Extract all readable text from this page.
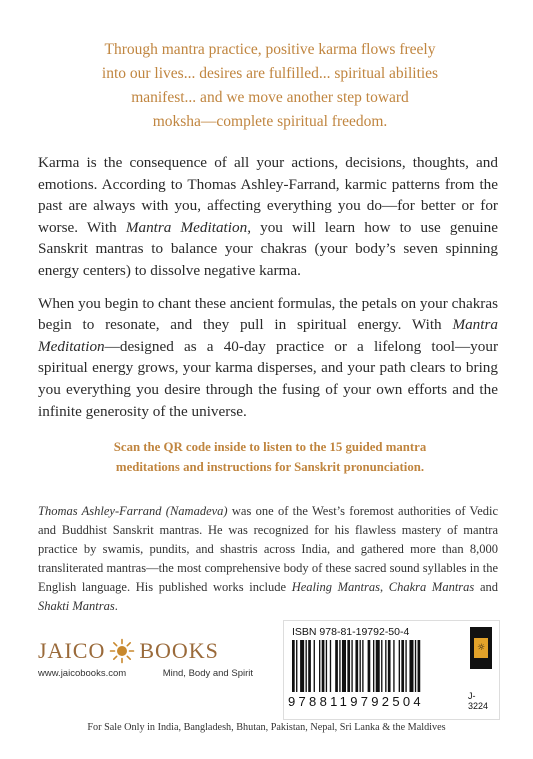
Through mantra practice, positive karma flows freely
into our lives... desires are fulfilled... spiritual abilities
manifest... and we move another step toward
moksha—complete spiritual freedom.

Karma is the consequence of all your actions, decisions, thoughts, and emotions. According to Thomas Ashley-Farrand, karmic patterns from the past are always with you, affecting everything you do—for better or for worse. With Mantra Meditation, you will learn how to use genuine Sanskrit mantras to balance your chakras (your body’s seven spinning energy centers) to dissolve negative karma.

When you begin to chant these ancient formulas, the petals on your chakras begin to resonate, and they pull in spiritual energy. With Mantra Meditation—designed as a 40-day practice or a lifelong tool—your spiritual energy grows, your karma disperses, and your path clears to bring you everything you desire through the fusing of your own efforts and the infinite generosity of the universe.

Scan the QR code inside to listen to the 15 guided mantra
meditations and instructions for Sanskrit pronunciation.
Thomas Ashley-Farrand (Namadeva) was one of the West’s foremost authorities of Vedic and Buddhist Sanskrit mantras. He was recognized for his flawless mastery of mantra practice by swamis, pundits, and shastris across India, and gathered more than 8,000 transliterated mantras—the most comprehensive body of these sacred sound syllables in the English language. His published works include Healing Mantras, Chakra Mantras and Shakti Mantras.
JAICO BOOKS
www.jaicobooks.com	Mind, Body and Spirit
ISBN 978-81-19792-50-4
9788119792504
☼
J-3224
For Sale Only in India, Bangladesh, Bhutan, Pakistan, Nepal, Sri Lanka & the Maldives
